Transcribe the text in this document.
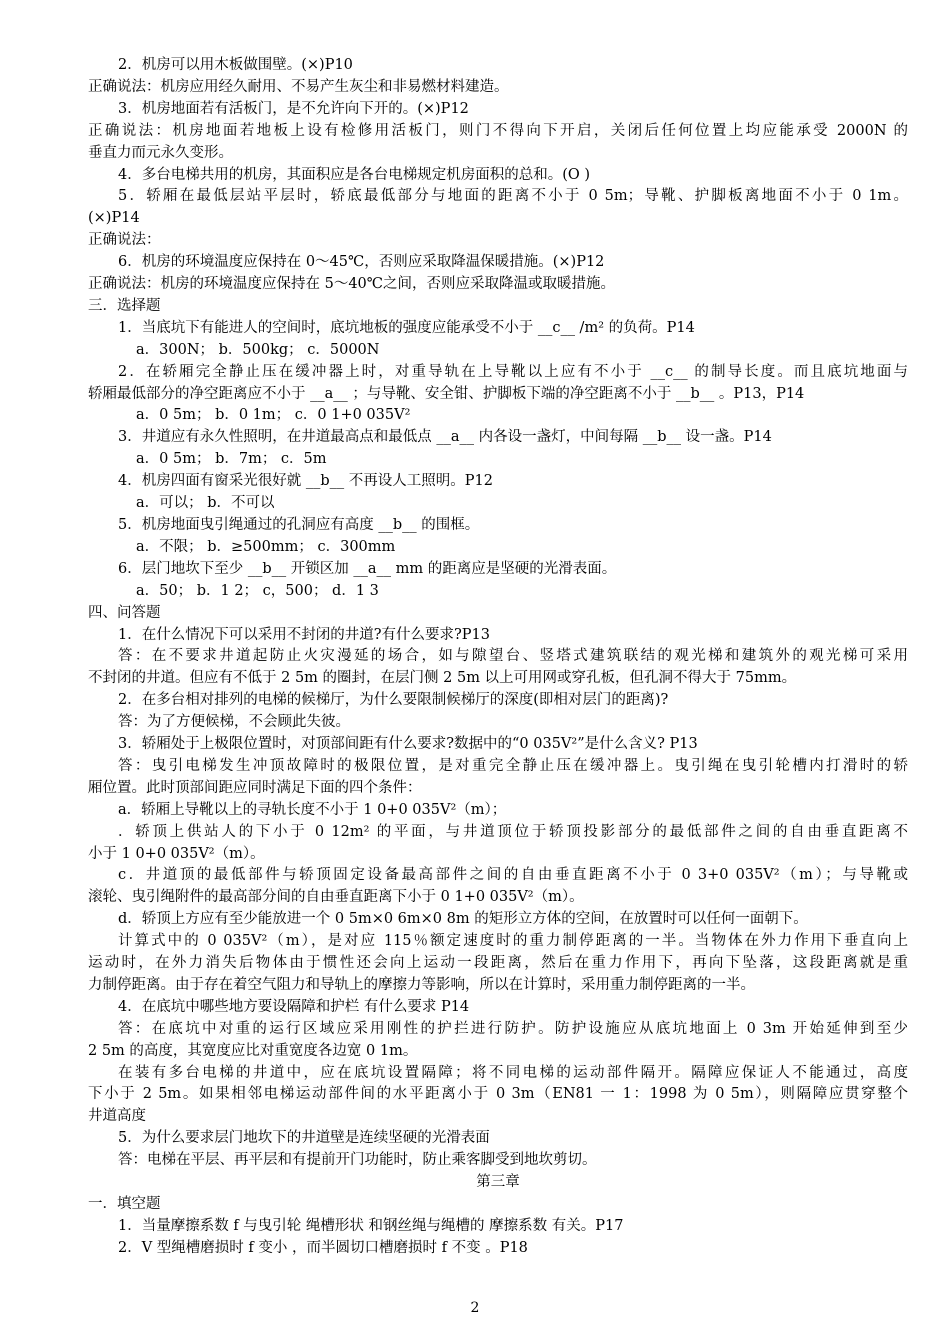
2．机房可以用木板做围壁。(×)P10
正确说法：机房应用经久耐用、不易产生灰尘和非易燃材料建造。
3．机房地面若有活板门，是不允许向下开的。(×)P12
正确说法：机房地面若地板上设有检修用活板门，则门不得向下开启，关闭后任何位置上均应能承受 2000N 的
垂直力而元永久变形。
4．多台电梯共用的机房，其面积应是各台电梯规定机房面积的总和。(O )
5．轿厢在最低层站平层时，轿底最低部分与地面的距离不小于 0 5m；导靴、护脚板离地面不小于 0 1m。
(×)P14
正确说法：
6．机房的环境温度应保持在 0～45℃，否则应采取降温保暖措施。(×)P12
正确说法：机房的环境温度应保持在 5～40℃之间，否则应采取降温或取暖措施。
三．选择题
1．当底坑下有能进人的空间时，底坑地板的强度应能承受不小于 __c__ /m² 的负荷。P14
a．300N； b．500kg； c．5000N
2．在轿厢完全静止压在缓冲器上时，对重导轨在上导靴以上应有不小于 __c__ 的制导长度。而且底坑地面与
轿厢最低部分的净空距离应不小于 __a__ ；与导靴、安全钳、护脚板下端的净空距离不小于 __b__ 。P13，P14
a．0 5m； b．0 1m； c．0 1+0 035V²
3．井道应有永久性照明，在井道最高点和最低点 __a__ 内各设一盏灯，中间每隔 __b__ 设一盏。P14
a．0 5m； b．7m； c．5m
4．机房四面有窗采光很好就 __b__ 不再设人工照明。P12
a．可以； b．不可以
5．机房地面曳引绳通过的孔洞应有高度 __b__ 的围框。
a．不限； b．≥500mm； c．300mm
6．层门地坎下至少 __b__ 开锁区加 __a__ mm 的距离应是坚硬的光滑表面。
a．50； b．1 2； c，500； d．1 3
四、问答题
1．在什么情况下可以采用不封闭的井道?有什么要求?P13
答：在不要求井道起防止火灾漫延的场合，如与隙望台、竖塔式建筑联结的观光梯和建筑外的观光梯可采用
不封闭的井道。但应有不低于 2 5m 的圈封，在层门侧 2 5m 以上可用网或穿孔板，但孔洞不得大于 75mm。
2．在多台相对排列的电梯的候梯厅，为什么要限制候梯厅的深度(即相对层门的距离)?
答：为了方便候梯，不会顾此失彼。
3．轿厢处于上极限位置时，对顶部间距有什么要求?数据中的“0 035V²”是什么含义? P13
答：曳引电梯发生冲顶故障时的极限位置，是对重完全静止压在缓冲器上。曳引绳在曳引轮槽内打滑时的轿
厢位置。此时顶部间距应同时满足下面的四个条件：
a．轿厢上导靴以上的寻轨长度不小于 1 0+0 035V²（m）；
．轿顶上供站人的下小于 0 12m² 的平面，与井道顶位于轿顶投影部分的最低部件之间的自由垂直距离不
小于 1 0+0 035V²（m）。
c．井道顶的最低部件与轿顶固定设备最高部件之间的自由垂直距离不小于 0 3+0 035V²（m）；与导靴或
滚轮、曳引绳附件的最高部分间的自由垂直距离下小于 0 1+0 035V²（m）。
d．轿顶上方应有至少能放进一个 0 5m×0 6m×0 8m 的矩形立方体的空间，在放置时可以任何一面朝下。
计算式中的 0 035V²（m），是对应 115％额定速度时的重力制停距离的一半。当物体在外力作用下垂直向上
运动时，在外力消失后物体由于惯性还会向上运动一段距离，然后在重力作用下，再向下坠落，这段距离就是重
力制停距离。由于存在着空气阻力和导轨上的摩擦力等影响，所以在计算时，采用重力制停距离的一半。
4．在底坑中哪些地方要设隔障和护栏 有什么要求 P14
答：在底坑中对重的运行区域应采用刚性的护拦进行防护。防护设施应从底坑地面上 0 3m 开始延伸到至少
2 5m 的高度，其宽度应比对重宽度各边宽 0 1m。
在装有多台电梯的井道中，应在底坑设置隔障；将不同电梯的运动部件隔开。隔障应保证人不能通过，高度
下小于 2 5m。如果相邻电梯运动部件间的水平距离小于 0 3m（EN81 一 1：1998 为 0 5m），则隔障应贯穿整个
井道高度
5．为什么要求层门地坎下的井道壁是连续坚硬的光滑表面
答：电梯在平层、再平层和有提前开门功能时，防止乘客脚受到地坎剪切。
第三章
一．填空题
1．当量摩擦系数 f 与曳引轮 绳槽形状 和钢丝绳与绳槽的 摩擦系数 有关。P17
2．V 型绳槽磨损时 f 变小 ，而半圆切口槽磨损时 f 不变 。P18
2
